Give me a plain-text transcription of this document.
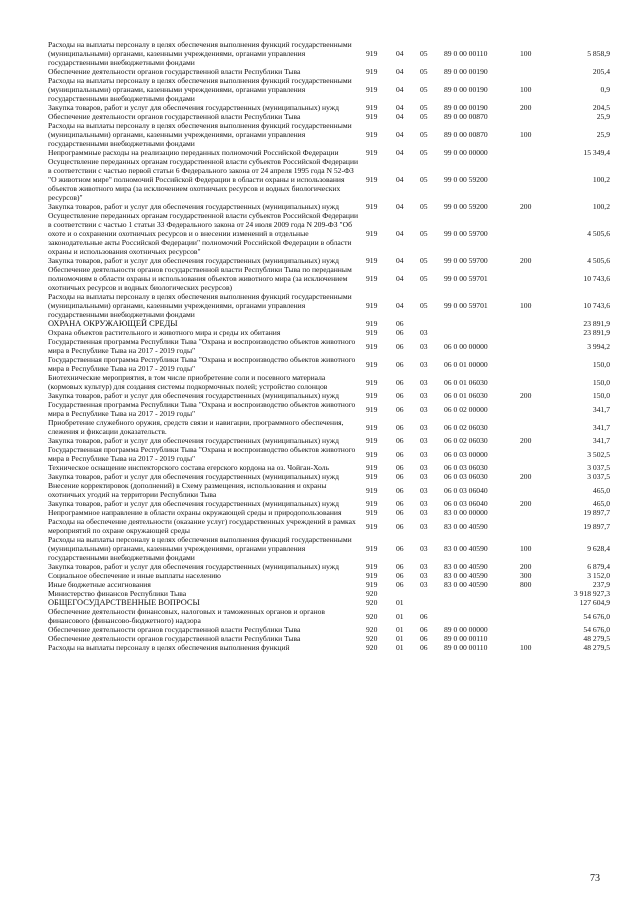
Расходы на выплаты персоналу в целях обеспечения выполнения функций государственными (муниципальными) органами, казенными учреждениями, органами управления государственными внебюджетными фондами	919	04	05	89 0 00 00110	100	5 858,9
Обеспечение деятельности органов государственной власти Республики Тыва	919	04	05	89 0 00 00190		205,4
Расходы на выплаты персоналу в целях обеспечения выполнения функций государственными (муниципальными) органами, казенными учреждениями, органами управления государственными внебюджетными фондами	919	04	05	89 0 00 00190	100	0,9
Закупка товаров, работ и услуг для обеспечения государственных (муниципальных) нужд	919	04	05	89 0 00 00190	200	204,5
Обеспечение деятельности органов государственной власти Республики Тыва	919	04	05	89 0 00 00870		25,9
Расходы на выплаты персоналу в целях обеспечения выполнения функций государственными (муниципальными) органами, казенными учреждениями, органами управления государственными внебюджетными фондами	919	04	05	89 0 00 00870	100	25,9
Непрограммные расходы на реализацию переданных полномочий Российской Федерации	919	04	05	99 0 00 00000		15 349,4
Осуществление переданных органам государственной власти субъектов Российской Федерации в соответствии с частью первой статьи 6 Федерального закона от 24 апреля 1995 года N 52-ФЗ "О животном мире" полномочий Российской Федерации в области охраны и использования объектов животного мира (за исключением охотничьих ресурсов и водных биологических ресурсов)"	919	04	05	99 0 00 59200		100,2
Закупка товаров, работ и услуг для обеспечения государственных (муниципальных) нужд	919	04	05	99 0 00 59200	200	100,2
Осуществление переданных органам государственной власти субъектов Российской Федерации в соответствии с частью 1 статьи 33 Федерального закона от 24 июля 2009 года N 209-ФЗ "Об охоте и о сохранении охотничьих ресурсов и о внесении изменений в отдельные законодательные акты Российской Федерации" полномочий Российской Федерации в области охраны и использования охотничьих ресурсов"	919	04	05	99 0 00 59700		4 505,6
Закупка товаров, работ и услуг для обеспечения государственных (муниципальных) нужд	919	04	05	99 0 00 59700	200	4 505,6
Обеспечение деятельности органов государственной власти Республики Тыва по переданным полномочиям в области охраны и использования объектов животного мира (за исключением охотничьих ресурсов и водных биологических ресурсов)	919	04	05	99 0 00 59701		10 743,6
Расходы на выплаты персоналу в целях обеспечения выполнения функций государственными (муниципальными) органами, казенными учреждениями, органами управления государственными внебюджетными фондами	919	04	05	99 0 00 59701	100	10 743,6
ОХРАНА ОКРУЖАЮЩЕЙ СРЕДЫ	919	06				23 891,9
Охрана объектов растительного и животного мира и среды их обитания	919	06	03			23 891,9
Государственная программа Республики Тыва "Охрана и воспроизводство объектов животного мира в Республике Тыва на 2017 - 2019 годы"	919	06	03	06 0 00 00000		3 994,2
Государственная программа Республики Тыва "Охрана и воспроизводство объектов животного мира в Республике Тыва на 2017 - 2019 годы"	919	06	03	06 0 01 00000		150,0
Биотехнические мероприятия, в том числе приобретение соли и посевного материала (кормовых культур) для создания системы подкормочных полей; устройство солонцов	919	06	03	06 0 01 06030		150,0
Закупка товаров, работ и услуг для обеспечения государственных (муниципальных) нужд	919	06	03	06 0 01 06030	200	150,0
Государственная программа Республики Тыва "Охрана и воспроизводство объектов животного мира в Республике Тыва на 2017 - 2019 годы"	919	06	03	06 0 02 00000		341,7
Приобретение служебного оружия, средств связи и навигации, программного обеспечения, слежения и фиксации доказательств.	919	06	03	06 0 02 06030		341,7
Закупка товаров, работ и услуг для обеспечения государственных (муниципальных) нужд	919	06	03	06 0 02 06030	200	341,7
Государственная программа Республики Тыва "Охрана и воспроизводство объектов животного мира в Республике Тыва на 2017 - 2019 годы"	919	06	03	06 0 03 00000		3 502,5
Техническое оснащение инспекторского состава егерского кордона на оз. Чойган-Холь	919	06	03	06 0 03 06030		3 037,5
Закупка товаров, работ и услуг для обеспечения государственных (муниципальных) нужд	919	06	03	06 0 03 06030	200	3 037,5
Внесение корректировок (дополнений) в Схему размещения, использования и охраны охотничьих угодий на территории Республики Тыва	919	06	03	06 0 03 06040		465,0
Закупка товаров, работ и услуг для обеспечения государственных (муниципальных) нужд	919	06	03	06 0 03 06040	200	465,0
Непрограммное направление в области охраны окружающей среды и природопользования	919	06	03	83 0 00 00000		19 897,7
Расходы на обеспечение деятельности (оказание услуг) государственных учреждений в рамках мероприятий по охране окружающей среды	919	06	03	83 0 00 40590		19 897,7
Расходы на выплаты персоналу в целях обеспечения выполнения функций государственными (муниципальными) органами, казенными учреждениями, органами управления государственными внебюджетными фондами	919	06	03	83 0 00 40590	100	9 628,4
Закупка товаров, работ и услуг для обеспечения государственных (муниципальных) нужд	919	06	03	83 0 00 40590	200	6 879,4
Социальное обеспечение и иные выплаты населению	919	06	03	83 0 00 40590	300	3 152,0
Иные бюджетные ассигнования	919	06	03	83 0 00 40590	800	237,9
Министерство финансов Республики Тыва	920					3 918 927,3
ОБЩЕГОСУДАРСТВЕННЫЕ ВОПРОСЫ	920	01				127 604,9
Обеспечение деятельности финансовых, налоговых и таможенных органов и органов финансового (финансово-бюджетного) надзора	920	01	06			54 676,0
Обеспечение деятельности органов государственной власти Республики Тыва	920	01	06	89 0 00 00000		54 676,0
Обеспечение деятельности органов государственной власти Республики Тыва	920	01	06	89 0 00 00110		48 279,5
Расходы на выплаты персоналу в целях обеспечения выполнения функций	920	01	06	89 0 00 00110	100	48 279,5
73
